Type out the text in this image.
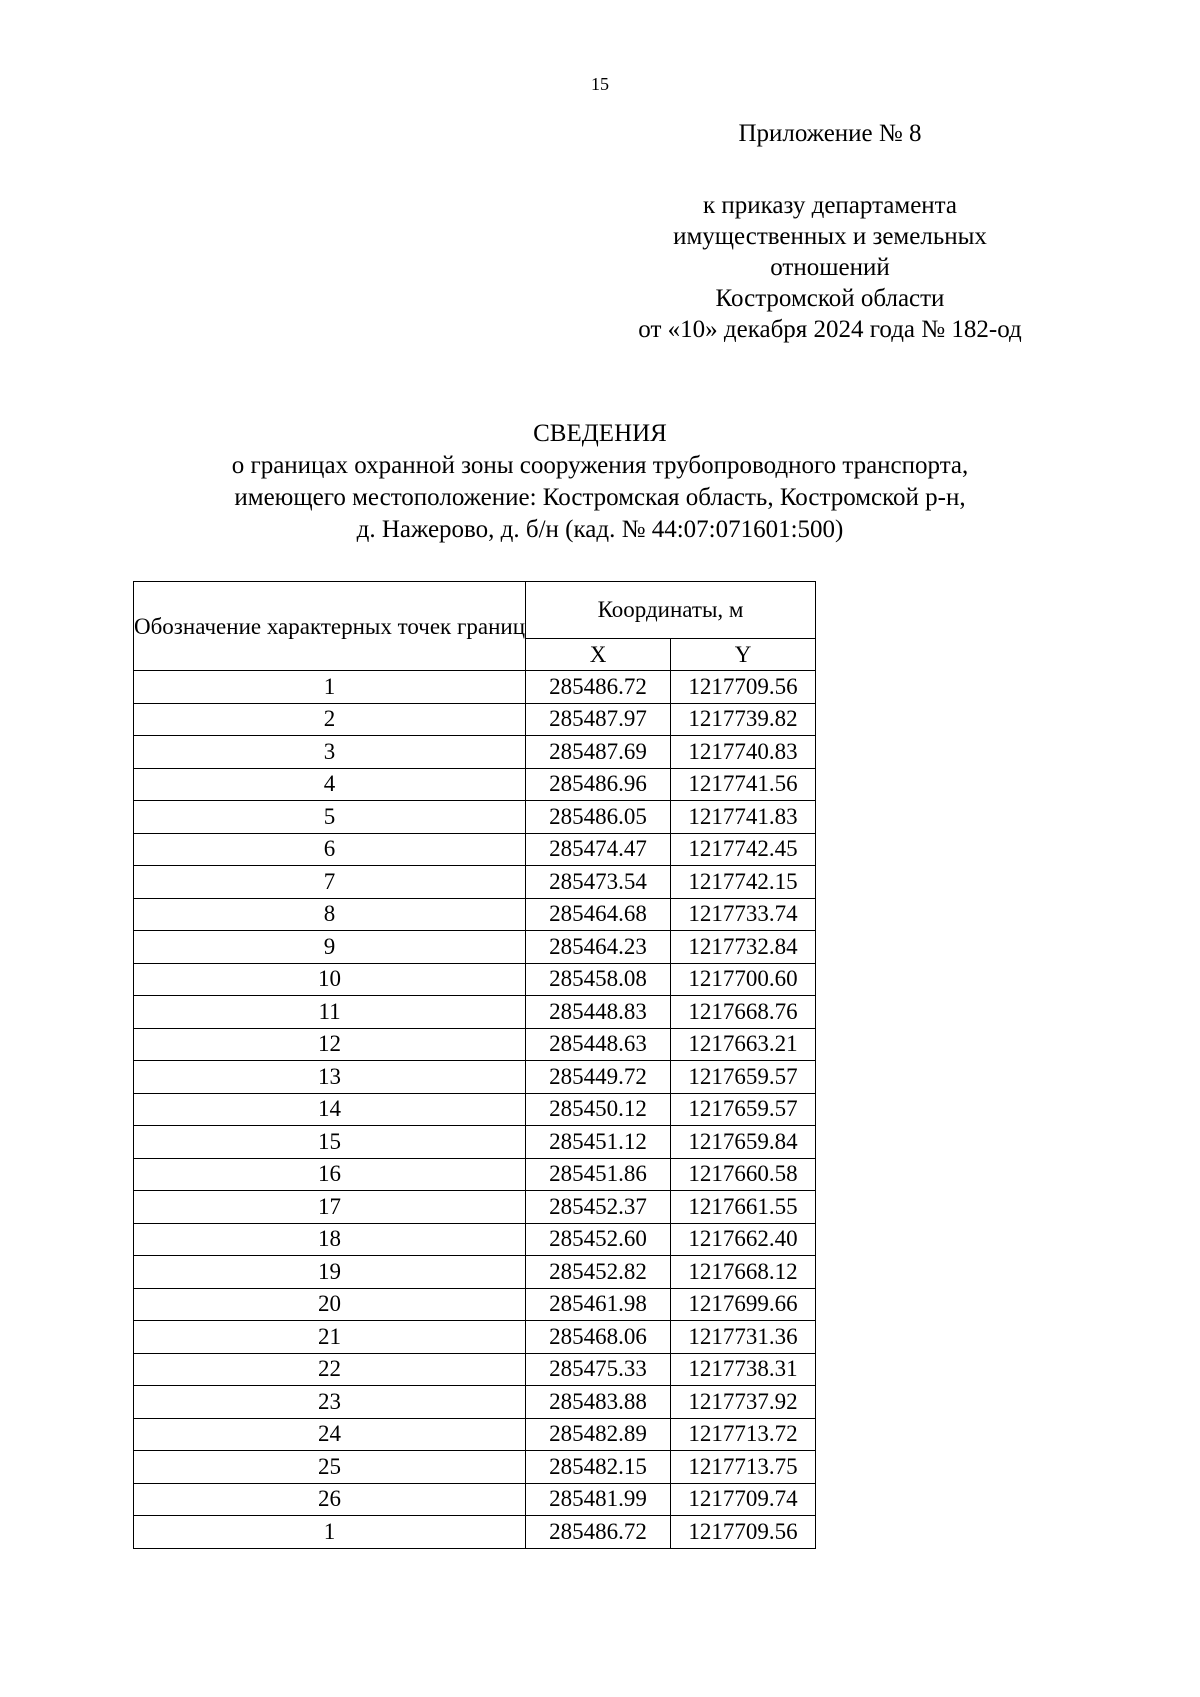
15
Приложение № 8
к приказу департамента
имущественных и земельных
отношений
Костромской области
от «10» декабря 2024 года № 182-од
СВЕДЕНИЯ
о границах охранной зоны сооружения трубопроводного транспорта,
имеющего местоположение: Костромская область, Костромской р-н,
д. Нажерово, д. б/н (кад. № 44:07:071601:500)
Обозначение характерных точек границ	Координаты, м	
	X	Y
1	285486.72	1217709.56
2	285487.97	1217739.82
3	285487.69	1217740.83
4	285486.96	1217741.56
5	285486.05	1217741.83
6	285474.47	1217742.45
7	285473.54	1217742.15
8	285464.68	1217733.74
9	285464.23	1217732.84
10	285458.08	1217700.60
11	285448.83	1217668.76
12	285448.63	1217663.21
13	285449.72	1217659.57
14	285450.12	1217659.57
15	285451.12	1217659.84
16	285451.86	1217660.58
17	285452.37	1217661.55
18	285452.60	1217662.40
19	285452.82	1217668.12
20	285461.98	1217699.66
21	285468.06	1217731.36
22	285475.33	1217738.31
23	285483.88	1217737.92
24	285482.89	1217713.72
25	285482.15	1217713.75
26	285481.99	1217709.74
1	285486.72	1217709.56
